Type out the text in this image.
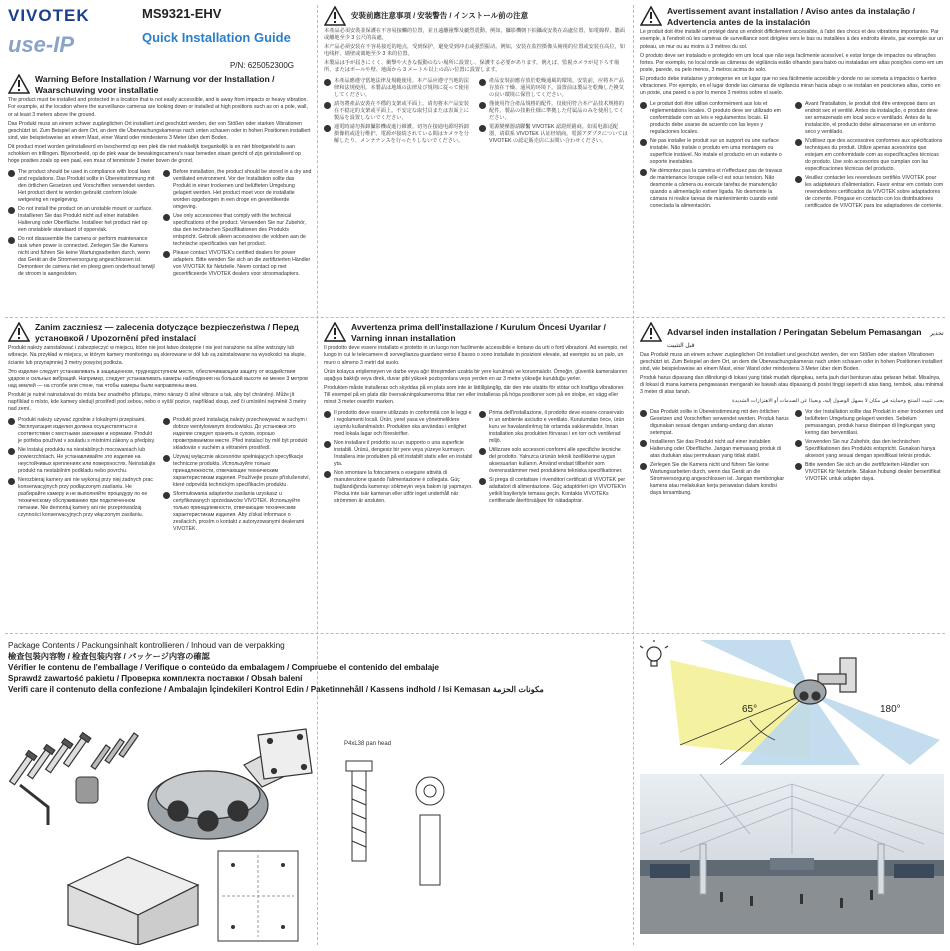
VIVOTEK
use-IP
MS9321-EHV
Quick Installation Guide
P/N: 625052300G
Warning Before Installation / Warnung vor der Installation / Waarschuwing voor installatie

The product must be installed and protected in a location that is not easily accessible, and is away from impacts or heavy vibration. For example, at the location where the surveillance cameras are looking down or installed at high positions such as on a pole, wall, or at least 3 meters above the ground.

Das Produkt muss an einem schwer zugänglichen Ort installiert und geschützt werden, der von Stößen oder starken Vibrationen geschützt ist. Zum Beispiel an dem Ort, an dem die Überwachungskameras nach unten schauen oder in hohen Positionen installiert sind, wie beispielsweise an einem Mast, einer Wand oder mindestens 3 Meter über dem Boden.

Dit product moet worden geïnstalleerd en beschermd op een plek die niet makkelijk toegankelijk is en niet blootgesteld is aan schokken en trillingen. Bijvoorbeeld, op de plek waar de bewakingscamera's naar beneden staan gericht of zijn geïnstalleerd op hoge posities zoals op een paal, een muur of tenminste 3 meter boven de grond.

The product should be used in compliance with local laws and regulations. Das Produkt sollte in Übereinstimmung mit den örtlichen Gesetzen und Vorschriften verwendet werden. Het product dient te worden gebruikt conform lokale wetgeving en regelgeving.
Do not install the product on an unstable mount or surface. Installieren Sie das Produkt nicht auf einer instabilen Halterung oder Oberfläche. Installeer het product niet op een onstabiele standaard of oppervlak.
Do not disassemble the camera or perform maintenance task when power is connected. Zerlegen Sie die Kamera nicht und führen Sie keine Wartungsarbeiten durch, wenn das Gerät an die Stromversorgung angeschlossen ist. Demonteer de camera niet en pleeg geen onderhoud terwijl de stroom is aangesloten.
Before installation, the product should be stored in a dry and ventilated environment. Vor der Installation sollte das Produkt in einer trockenen und belüfteten Umgebung gelagert werden. Het product moet voor de installatie worden opgeborgen in een droge en geventileerde omgeving.
Use only accessories that comply with the technical specifications of the product. Verwenden Sie nur Zubehör, das den technischen Spezifikationen des Produkts entspricht. Gebruik alleen accessoires die voldoen aan de technische specificaties van het product.
Please contact VIVOTEK's certified dealers for power adapters. Bitte wenden Sie sich an die zertifizierten Händler von VIVOTEK für Netzteile. Neem contact op met gecertificeerde VIVOTEK dealers voor stroomadapters.
安裝前應注意事項 / 安装警告 / インストール前の注意

本產品必須安裝並保護在不容易接觸的位置，並且遠離撞擊及劇烈震動。例如，攝影機朝下拍攝或安裝在高處位置，如電線桿、牆面或離地至少 3 公尺的高處。

本产品必须安装在不容易接近的地点，受到保护，避免受到冲击或强烈振动。例如，安装在监控摄像头俯视的位置或安装在高位，如电线杆、墙壁或离地至少 3 米的位置。

本製品は手が届きにくく、衝撃や大きな振動のない場所に設置し、保護する必要があります。例えば、監視カメラが見下ろす場所、またはポールや壁、地面から 3 メートル以上の高い位置に設置します。

本產品應遵守當地法律及規範使用。本产品应遵守当地的法律和法规使用。本製品は地域の法律及び規則に従って使用してください。
請勿將產品安裝在不穩的支架或平面上。请勿将本产品安装在不稳定的支架或平面上。不安定な取付具または表面上に製品を設置しないでください。
通電時請勿拆卸攝影機或進行維護。切勿在接通电源时拆卸摄像机或进行维护。電源が接続されている間はカメラを分解したり、メンテナンスを行ったりしないでください。
產品安裝前應存放於乾燥通風的環境。安装前，应将本产品存放在干燥、通风的环境下。設置前は製品を乾燥した換気の良い環境に保管してください。
僅使用符合產品規格的配件。仅使用符合本产品技术规格的配件。製品の技術仕様に準拠した付属品のみを使用してください。
電源變壓器請聯繫 VIVOTEK 認證經銷商。如需电源适配器，请联系 VIVOTEK 认证经销商。電源アダプタについては VIVOTEK の認定販売店にお問い合わせください。
Avertissement avant installation / Aviso antes da instalação / Advertencia antes de la instalación

Le produit doit être installé et protégé dans un endroit difficilement accessible, à l'abri des chocs et des vibrations importantes. Par exemple, à l'endroit où les caméras de surveillance sont dirigées vers le bas ou installées à des endroits élevés, par exemple sur un poteau, un mur ou au moins à 3 mètres du sol.

O produto deve ser instalado e protegido em um local que não seja facilmente acessível, e estar longe de impactos ou vibrações fortes. Por exemplo, no local onde as câmeras de vigilância estão olhando para baixo ou instaladas em altas posições como em um poste, parede, ou pelo menos, 3 metros acima do solo.

El producto debe instalarse y protegerse en un lugar que no sea fácilmente accesible y donde no se someta a impactos o fuertes vibraciones. Por ejemplo, en el lugar donde las cámaras de vigilancia miran hacia abajo o se instalan en posiciones altas, como en un poste, una pared o a por lo menos 3 metros sobre el suelo.

Le produit doit être utilisé conformément aux lois et réglementations locales. O produto deve ser utilizado em conformidade com as leis e regulamentos locais. El producto debe usarse de acuerdo con las leyes y regulaciones locales.
Ne pas installer le produit sur un support ou une surface instable. Não instale o produto em uma montagem ou superfície instável. No instale el producto en un estante o soporte inestables.
Ne démontez pas la caméra et n'effectuez pas de travaux de maintenance lorsque celle-ci est sous tension. Não desmonte a câmera ou execute tarefas de manutenção quando a alimentação estiver ligada. No desmonte la cámara ni realice tareas de mantenimiento cuando esté conectada la alimentación.
Avant l'installation, le produit doit être entreposé dans un endroit sec et ventilé. Antes da instalação, o produto deve ser armazenado em local seco e ventilado. Antes de la instalación, el producto debe almacenarse en un entorno seco y ventilado.
N'utilisez que des accessoires conformes aux spécifications techniques du produit. Utilize apenas acessórios que estejam em conformidade com as especificações técnicas do produto. Use solo accesorios que cumplan con las especificaciones técnicas del producto.
Veuillez contacter les revendeurs certifiés VIVOTEK pour les adaptateurs d'alimentation. Favor entrar em contato com revendedores certificados da VIVOTEK sobre adaptadores de corrente. Póngase en contacto con los distribuidores certificados de VIVOTEK para los adaptadores de corriente.
Zanim zaczniesz — zalecenia dotyczące bezpieczeństwa / Перед установкой / Upozornění před instalací

Produkt należy zainstalować i zabezpieczyć w miejscu, które nie jest łatwo dostępne i nie jest narażone na silne wstrząsy lub wibracje. Na przykład w miejscu, w którym kamery monitoringu są skierowane w dół lub są zainstalowane na wysokości na słupie, ścianie lub przynajmniej 3 metry powyżej podłoża.

Это изделие следует устанавливать в защищенном, труднодоступном месте, обеспечивающем защиту от воздействия ударов и сильных вибраций. Например, следует устанавливать камеры наблюдения на большой высоте не менее 3 метров над землей — на столбе или стене, так чтобы камеры были направлены вниз.

Produkt je nutné nainstalovat do místa bez snadného přístupu, mimo nárazy či silné vibrace a tak, aby byl chráněný. Může jít například o místo, kde kamery sledují prostředí pod sebou, nebo o vyšší pozice, například sloup, zeď či umístění nejméně 3 metry nad zemí.

Produkt należy używać zgodnie z lokalnymi przepisami. Эксплуатация изделия должна осуществляться в соответствии с местными законами и нормами. Produkt je potřeba používat v souladu s místními zákony a předpisy.
Nie instaluj produktu na niestabilnych mocowaniach lub powierzchniach. Не устанавливайте это изделие на неустойчивых креплениях или поверхностях. Neinstalujte produkt na nestabilním podkladu nebo povrchu.
Nerozbieraj kamery ani nie wykonuj przy niej żadnych prac konserwacyjnych przy podłączonym zasilaniu. Не разбирайте камеру и не выполняйте процедуру по ее техническому обслуживанию при подключенном питании. Nie demontuj kamery ani nie przeprowadzaj czynności konserwacyjnych przy włączonym zasilaniu.
Produkt przed instalacją należy przechowywać w suchym i dobrze wentylowanym środowisku. До установки это изделие следует хранить в сухом, хорошо проветриваемом месте. Před instalací by měl být produkt skladován v suchém a větraném prostředí.
Używaj wyłącznie akcesoriów spełniających specyfikacje techniczne produktu. Используйте только принадлежности, отвечающие техническим характеристикам изделия. Používejte pouze příslušenství, které odpovídá technickým specifikacím produktu.
Sformułowania adapterów zasilania uzyskasz u certyfikowanych sprzedawców VIVOTEK. Используйте только принадлежности, отвечающие техническим характеристикам изделия. Aby získat informace o zesilacích, prosím o kontakt z autoryzowanymi dealerami VIVOTEK.
Avvertenza prima dell'installazione / Kurulum Öncesi Uyarılar / Varning innan installation

Il prodotto deve essere installato e protetto in un luogo non facilmente accessibile e lontano da urti o forti vibrazioni. Ad esempio, nel luogo in cui le telecamere di sorveglianza guardano verso il basso o sono installate in posizioni elevate, ad esempio su un palo, un muro o almeno 3 metri dal suolo.

Ürün kolayca erişilemeyen ve darbe veya ağır titreşimden uzakta bir yere kurulmalı ve korunmalıdır. Örneğin, güvenlik kameralarının aşağıya baktığı veya direk, duvar gibi yüksek pozisyonlara veya yerden en az 3 metre yükseğe kurulduğu yerler.

Produkten måste installeras och skyddas på en plats som inte är lättillgänglig, där den inte utsätts för stötar och kraftiga vibrationer. Till exempel på en plats där övervakningskamerorna tittar ner eller installeras på höga positioner som på en stolpe, en vägg eller minst 3 meter ovanför marken.

Il prodotto deve essere utilizzato in conformità con le leggi e i regolamenti locali. Ürün, yerel yasa ve yönetmeliklere uyumlu kullanılmalıdır. Produkten ska användas i enlighet med lokala lagar och föreskrifter.
Non installare il prodotto su un supporto o una superficie instabili. Ürünü, dengesiz bir yere veya yüzeye kurmayın. Installera inte produkten på ett instabilt stativ eller en instabil yta.
Non smontare la fotocamera o eseguire attività di manutenzione quando l'alimentazione è collegata. Güç bağlandığında kamerayı sökmeyin veya bakım işi yapmayın. Plocka inte isär kameran eller utför inget underhåll när strömmen är ansluten.
Prima dell'installazione, il prodotto deve essere conservato in un ambiente asciutto e ventilato. Kurulumdan önce, ürün kuru ve havalandırılmış bir ortamda saklanmalıdır. Innan installation ska produkten förvaras i en torr och ventilerad miljö.
Utilizzare solo accessori conformi alle specifiche tecniche del prodotto. Yalnızca ürünün teknik özelliklerine uygun aksesuarları kullanın. Använd endast tillbehör som överensstämmer med produktens tekniska specifikationer.
Si prega di contattare i rivenditori certificati di VIVOTEK per adattatori di alimentazione. Güç adaptörleri için VIVOTEK'in yetkili bayileriyle temasa geçin. Kontakta VIVOTEKs certifierade återförsäljare för nätadaptrar.
Advarsel inden installation / Peringatan Sebelum Pemasangan تحذير قبل التثبيت

Das Produkt muss an einem schwer zugänglichen Ort installiert und geschützt werden, der von Stößen oder starken Vibrationen geschützt ist. Zum Beispiel an dem Ort, an dem die Überwachungskameras nach unten schauen oder in hohen Positionen installiert sind, wie beispielsweise an einem Mast, einer Wand oder mindestens 3 Meter über dem Boden.

Produk harus dipasang dan dilindungi di lokasi yang tidak mudah dijangkau, serta jauh dari benturan atau getaran hebat. Misalnya, di lokasi di mana kamera pengawasan mengarah ke bawah atau dipasang di posisi tinggi seperti di atas tiang, tembok, atau minimal 3 meter di atas tanah.

يجب تثبيت المنتج وحمايته في مكان لا يسهل الوصول إليه، وبعيدًا عن الصدمات أو الاهتزازات الشديدة

Das Produkt sollte in Übereinstimmung mit den örtlichen Gesetzen und Vorschriften verwendet werden. Produk harus digunakan sesuai dengan undang-undang dan aturan setempat.
Installieren Sie das Produkt nicht auf einer instabilen Halterung oder Oberfläche. Jangan memasang produk di atas dudukan atau permukaan yang tidak stabil.
Zerlegen Sie die Kamera nicht und führen Sie keine Wartungsarbeiten durch, wenn das Gerät an die Stromversorgung angeschlossen ist. Jangan membongkar kamera atau melakukan kerja perawatan dalam kondisi daya tersambung.
Vor der Installation sollte das Produkt in einer trockenen und belüfteten Umgebung gelagert werden. Sebelum pemasangan, produk harus disimpan di lingkungan yang kering dan berventilasi.
Verwenden Sie nur Zubehör, das den technischen Spezifikationen des Produkts entspricht. Gunakan hanya aksesori yang sesuai dengan spesifikasi teknis produk.
Bitte wenden Sie sich an die zertifizierten Händler von VIVOTEK für Netzteile. Silakan hubungi dealer bersertifikat VIVOTEK untuk adapter daya.
Package Contents / Packungsinhalt kontrollieren / Inhoud van de verpakking
檢查包裝內容物 / 检查包装内容 / パッケージ内容の確認
Vérifier le contenu de l'emballage / Verifique o conteúdo da embalagem / Compruebe el contenido del embalaje
Sprawdź zawartość pakietu / Проверка комплекта поставки / Obsah balení
Verifi care il contenuto della confezione / Ambalajın İçindekileri Kontrol Edin / Paketinnehåll / Kassens indhold / Isi Kemasan مكونات الحزمة
P4xL38 pan head
65°	180°
